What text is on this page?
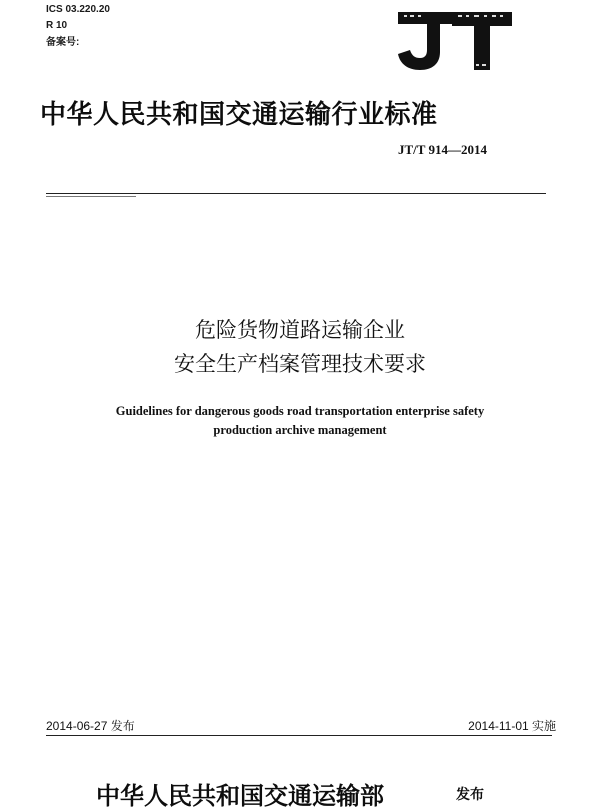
ICS 03.220.20
R 10
备案号:
中华人民共和国交通运输行业标准
JT/T 914—2014
危险货物道路运输企业
安全生产档案管理技术要求
Guidelines for dangerous goods road transportation enterprise safety
production archive management
2014-06-27 发布	2014-11-01 实施
中华人民共和国交通运输部	发布
